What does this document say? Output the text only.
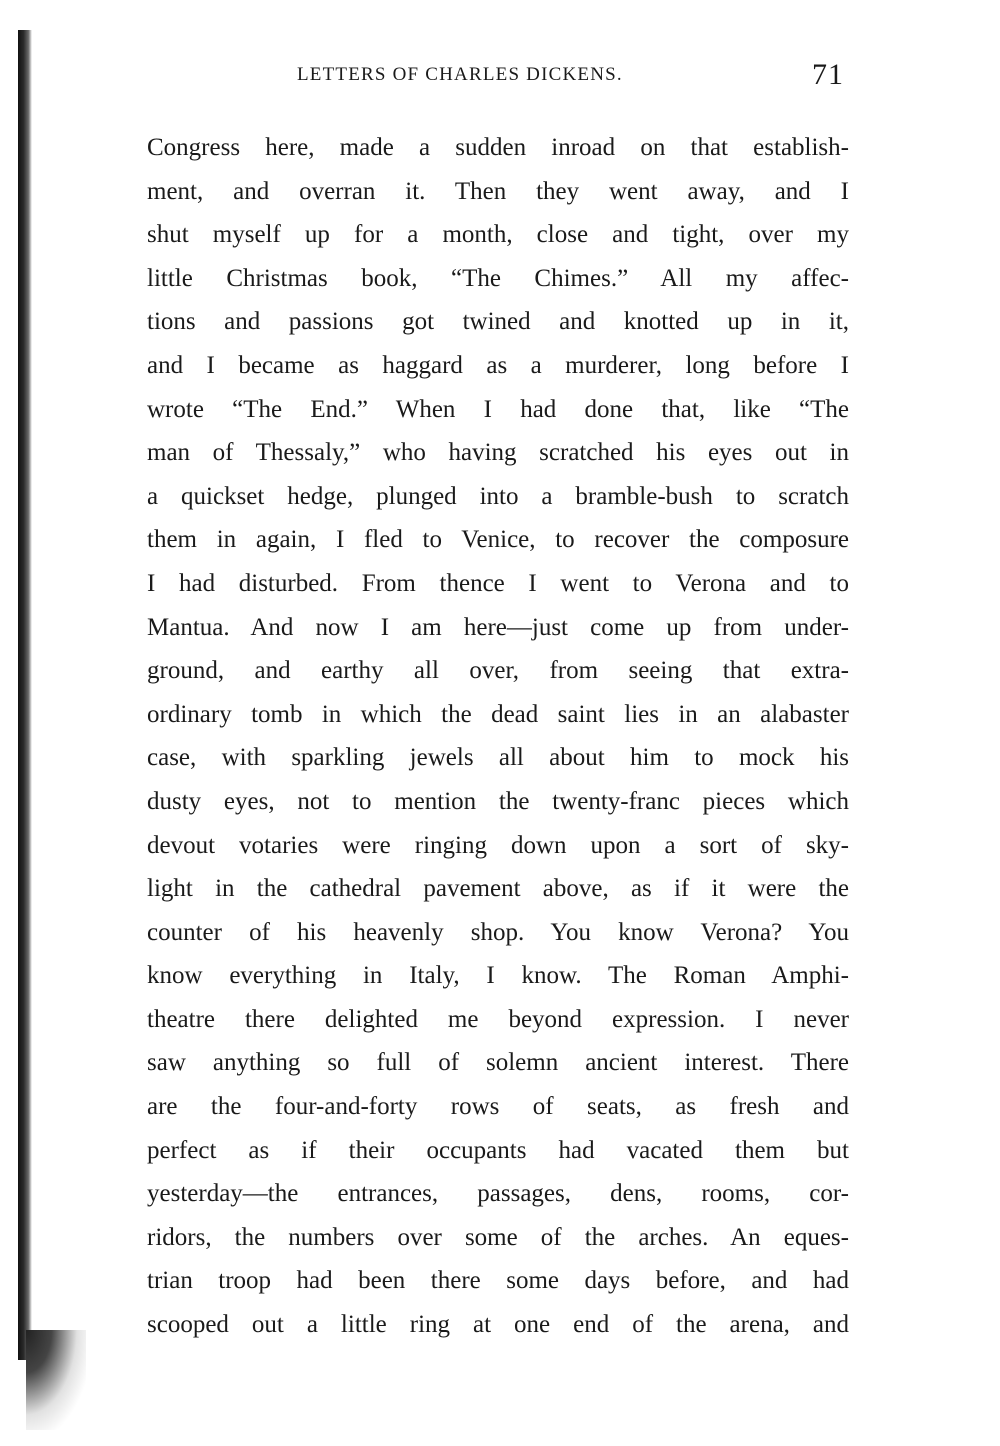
LETTERS OF CHARLES DICKENS.	71
Congress here, made a sudden inroad on that establish-
ment, and overran it. Then they went away, and I
shut myself up for a month, close and tight, over my
little Christmas book, “The Chimes.” All my affec-
tions and passions got twined and knotted up in it,
and I became as haggard as a murderer, long before I
wrote “The End.” When I had done that, like “The
man of Thessaly,” who having scratched his eyes out in
a quickset hedge, plunged into a bramble-bush to scratch
them in again, I fled to Venice, to recover the composure
I had disturbed. From thence I went to Verona and to
Mantua. And now I am here—just come up from under-
ground, and earthy all over, from seeing that extra-
ordinary tomb in which the dead saint lies in an alabaster
case, with sparkling jewels all about him to mock his
dusty eyes, not to mention the twenty-franc pieces which
devout votaries were ringing down upon a sort of sky-
light in the cathedral pavement above, as if it were the
counter of his heavenly shop. You know Verona? You
know everything in Italy, I know. The Roman Amphi-
theatre there delighted me beyond expression. I never
saw anything so full of solemn ancient interest. There
are the four-and-forty rows of seats, as fresh and
perfect as if their occupants had vacated them but
yesterday—the entrances, passages, dens, rooms, cor-
ridors, the numbers over some of the arches. An eques-
trian troop had been there some days before, and had
scooped out a little ring at one end of the arena, and
